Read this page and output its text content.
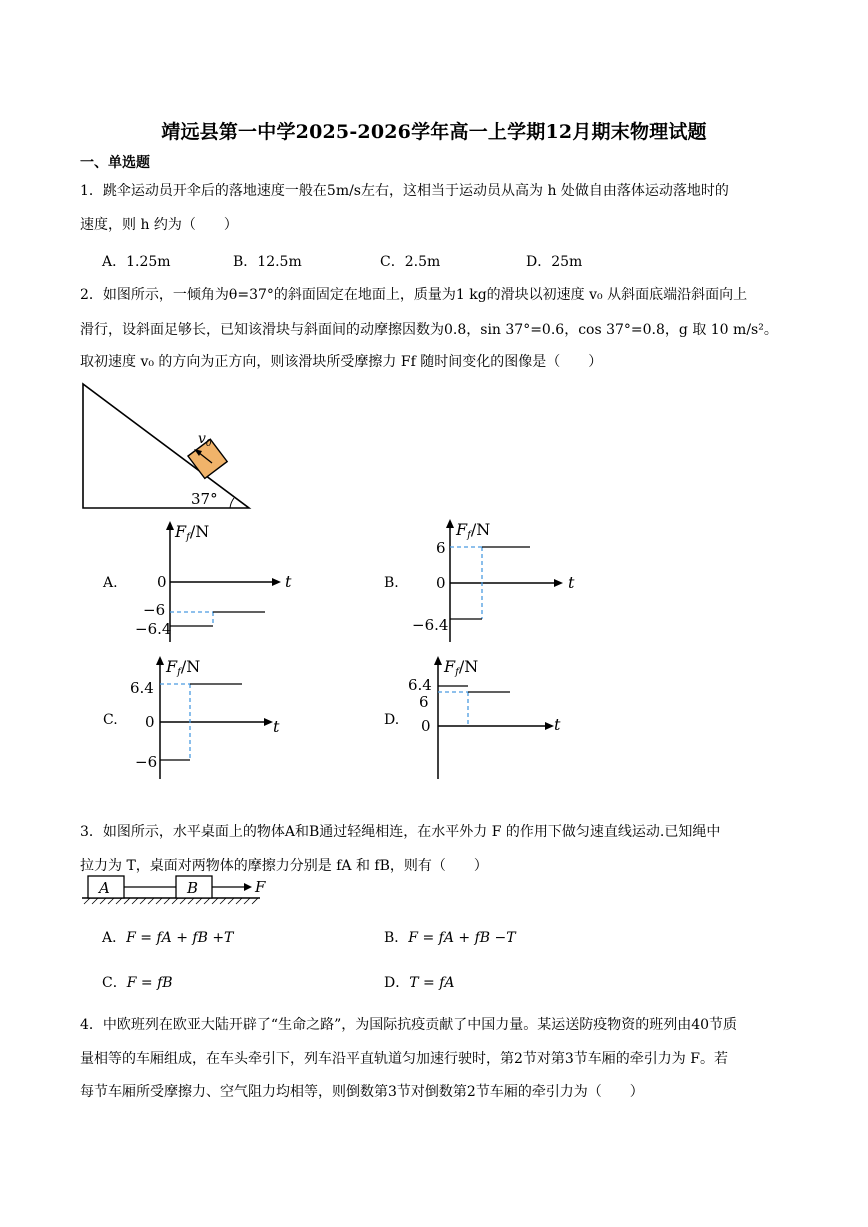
靖远县第一中学2025-2026学年高一上学期12月期末物理试题
一、单选题
1．跳伞运动员开伞后的落地速度一般在5m/s左右，这相当于运动员从高为 h 处做自由落体运动落地时的
速度，则 h 约为（　　）
A．1.25m	B．12.5m	C．2.5m	D．25m
2．如图所示，一倾角为θ=37°的斜面固定在地面上，质量为1 kg的滑块以初速度 v₀ 从斜面底端沿斜面向上
滑行，设斜面足够长，已知该滑块与斜面间的动摩擦因数为0.8，sin 37°=0.6，cos 37°=0.8，g 取 10 m/s²。
取初速度 v₀ 的方向为正方向，则该滑块所受摩擦力 Ff 随时间变化的图像是（　　）
$v_0$
37°
A.
Ff/N
0	t
−6
−6.4
B.
Ff/N
6
0	t
−6.4
C.
Ff/N
6.4
0	t
−6
D.
Ff/N
6.4
6
0	t
3．如图所示，水平桌面上的物体A和B通过轻绳相连，在水平外力 F 的作用下做匀速直线运动.已知绳中
拉力为 T，桌面对两物体的摩擦力分别是 fA 和 fB，则有（　　）
A	B	F
A．F = fA + fB +T	B．F = fA + fB −T
C．F = fB	D．T = fA
4．中欧班列在欧亚大陆开辟了“生命之路”，为国际抗疫贡献了中国力量。某运送防疫物资的班列由40节质
量相等的车厢组成，在车头牵引下，列车沿平直轨道匀加速行驶时，第2节对第3节车厢的牵引力为 F。若
每节车厢所受摩擦力、空气阻力均相等，则倒数第3节对倒数第2节车厢的牵引力为（　　）
